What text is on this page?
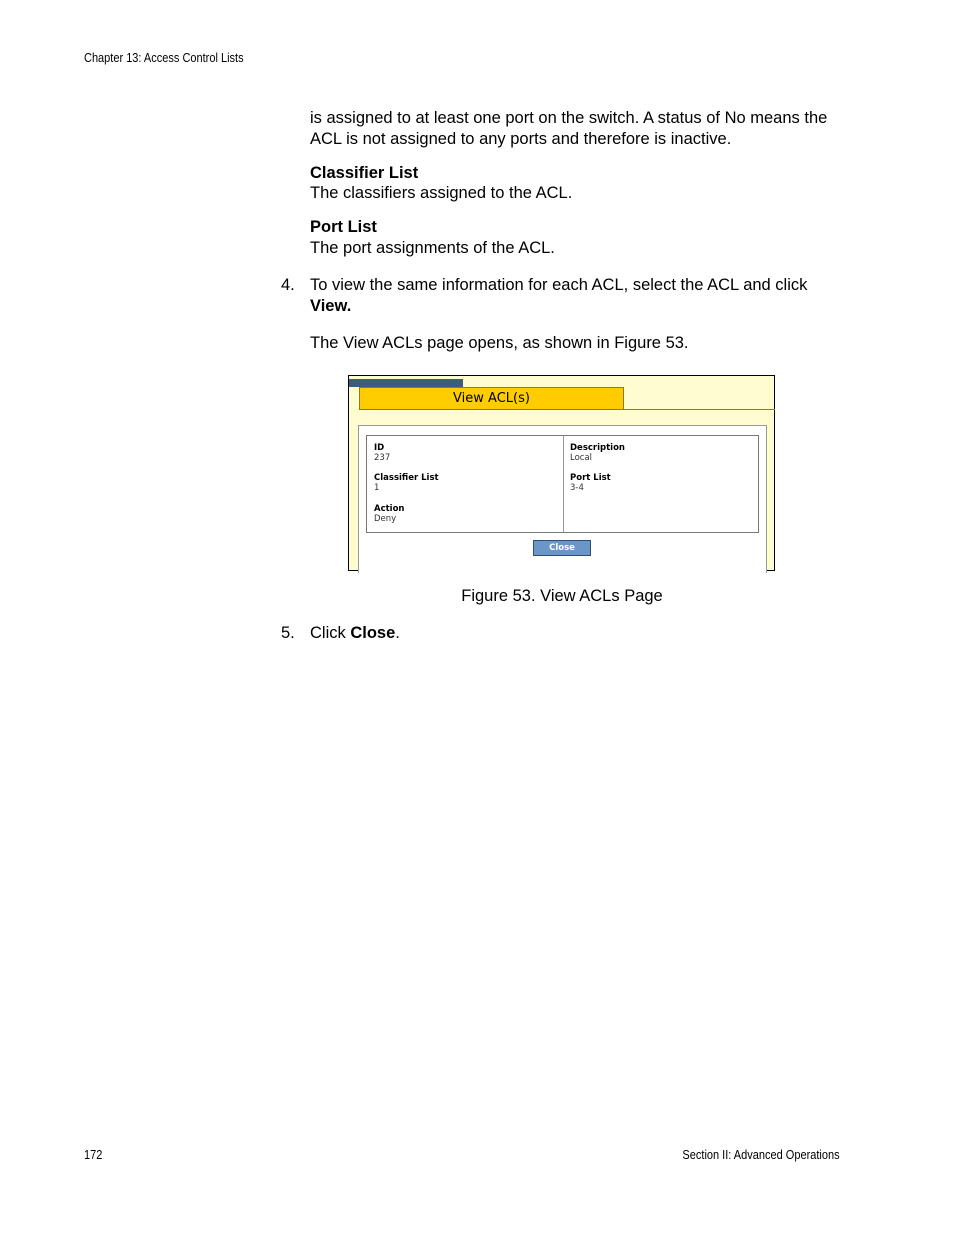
Chapter 13: Access Control Lists
is assigned to at least one port on the switch. A status of No means the ACL is not assigned to any ports and therefore is inactive.
Classifier List
The classifiers assigned to the ACL.
Port List
The port assignments of the ACL.
4. To view the same information for each ACL, select the ACL and click View.
The View ACLs page opens, as shown in Figure 53.
View ACL(s)
ID
237
Classifier List
1
Action
Deny
Description
Local
Port List
3-4
Close
Figure 53. View ACLs Page
5. Click Close.
172	Section II: Advanced Operations
